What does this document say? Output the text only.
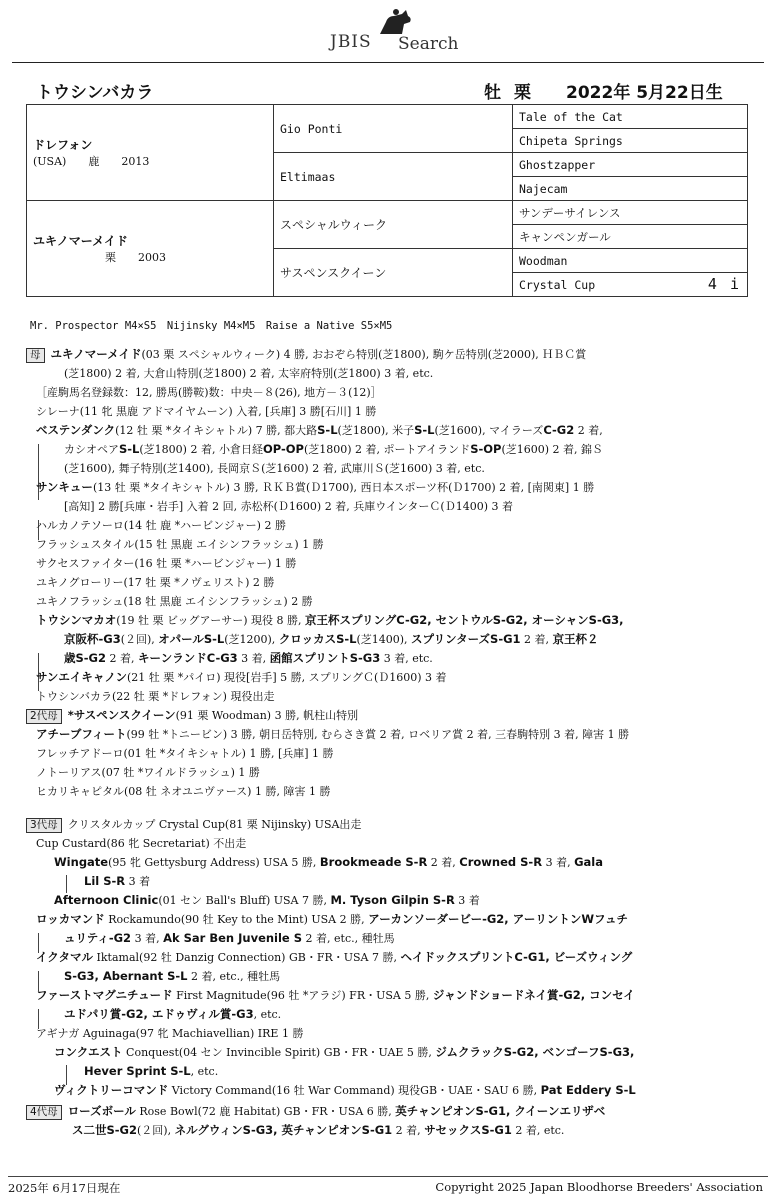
JBIS Search
トウシンバカラ	牡 栗 2022年 5月22日生
ドレフォン
(USA)　　鹿　　2013	Gio Ponti	Tale of the Cat
		Chipeta Springs
	Eltimaas	Ghostzapper
		Najecam

ユキノマーメイド
栗　　2003	スペシャルウィーク	サンデーサイレンス
		キャンペンガール
	サスペンスクイーン	Woodman
		Crystal Cup 4 i
Mr. Prospector M4×S5　Nijinsky M4×M5　Raise a Native S5×M5
母 ユキノマーメイド(03 栗 スペシャルウィーク) 4 勝, おおぞら特別(芝1800), 駒ケ岳特別(芝2000), ＨＢＣ賞
(芝1800) 2 着, 大倉山特別(芝1800) 2 着, 太宰府特別(芝1800) 3 着, etc.
［産駒馬名登録数：12, 勝馬(勝鞍)数：中央－８(26), 地方－３(12)］
シレーナ(11 牝 黒鹿 アドマイヤムーン) 入着, [兵庫] 3 勝[石川] 1 勝
ベステンダンク(12 牡 栗 *タイキシャトル) 7 勝, 都大路S-L(芝1800), 米子S-L(芝1600), マイラーズC-G2 2 着,
カシオペアS-L(芝1800) 2 着, 小倉日経OP-OP(芝1800) 2 着, ポートアイランドS-OP(芝1600) 2 着, 錦Ｓ
(芝1600), 舞子特別(芝1400), 長岡京Ｓ(芝1600) 2 着, 武庫川Ｓ(芝1600) 3 着, etc.
サンキュー(13 牡 栗 *タイキシャトル) 3 勝, ＲＫＢ賞(Ｄ1700), 西日本スポーツ杯(Ｄ1700) 2 着, [南関東] 1 勝
[高知] 2 勝[兵庫・岩手] 入着 2 回, 赤松杯(Ｄ1600) 2 着, 兵庫ウインターＣ(Ｄ1400) 3 着
ハルカノテソーロ(14 牡 鹿 *ハービンジャー) 2 勝
フラッシュスタイル(15 牡 黒鹿 エイシンフラッシュ) 1 勝
サクセスファイター(16 牡 栗 *ハービンジャー) 1 勝
ユキノグローリー(17 牡 栗 *ノヴェリスト) 2 勝
ユキノフラッシュ(18 牡 黒鹿 エイシンフラッシュ) 2 勝
トウシンマカオ(19 牡 栗 ビッグアーサー) 現役 8 勝, 京王杯スプリングC-G2, セントウルS-G2, オーシャンS-G3,
京阪杯-G3(２回), オパールS-L(芝1200), クロッカスS-L(芝1400), スプリンターズS-G1 2 着, 京王杯２
歳S-G2 2 着, キーンランドC-G3 3 着, 函館スプリントS-G3 3 着, etc.
サンエイキャノン(21 牡 栗 *パイロ) 現役[岩手] 5 勝, スプリングＣ(Ｄ1600) 3 着
トウシンバカラ(22 牡 栗 *ドレフォン) 現役出走
2代母 *サスペンスクイーン(91 栗 Woodman) 3 勝, 帆柱山特別
アチーブフィート(99 牡 *トニービン) 3 勝, 朝日岳特別, むらさき賞 2 着, ロベリア賞 2 着, 三春駒特別 3 着, 障害 1 勝
フレッチアドーロ(01 牡 *タイキシャトル) 1 勝, [兵庫] 1 勝
ノトーリアス(07 牡 *ワイルドラッシュ) 1 勝
ヒカリキャピタル(08 牡 ネオユニヴァース) 1 勝, 障害 1 勝
3代母 クリスタルカップ Crystal Cup(81 栗 Nijinsky) USA出走
Cup Custard(86 牝 Secretariat) 不出走
Wingate(95 牝 Gettysburg Address) USA 5 勝, Brookmeade S-R 2 着, Crowned S-R 3 着, Gala
Lil S-R 3 着
Afternoon Clinic(01 セン Ball's Bluff) USA 7 勝, M. Tyson Gilpin S-R 3 着
ロッカマンド Rockamundo(90 牡 Key to the Mint) USA 2 勝, アーカンソーダービー-G2, アーリントンWフュチ
ュリティ-G2 3 着, Ak Sar Ben Juvenile S 2 着, etc., 種牡馬
イクタマル Iktamal(92 牡 Danzig Connection) GB・FR・USA 7 勝, ヘイドックスプリントC-G1, ビーズウィング
S-G3, Abernant S-L 2 着, etc., 種牡馬
ファーストマグニチュード First Magnitude(96 牡 *アラジ) FR・USA 5 勝, ジャンドショードネイ賞-G2, コンセイ
ユドパリ賞-G2, エドゥヴィル賞-G3, etc.
アギナガ Aguinaga(97 牝 Machiavellian) IRE 1 勝
コンクエスト Conquest(04 セン Invincible Spirit) GB・FR・UAE 5 勝, ジムクラックS-G2, ベンゴーフS-G3,
Hever Sprint S-L, etc.
ヴィクトリーコマンド Victory Command(16 牡 War Command) 現役GB・UAE・SAU 6 勝, Pat Eddery S-L
4代母 ローズボール Rose Bowl(72 鹿 Habitat) GB・FR・USA 6 勝, 英チャンピオンS-G1, クイーンエリザベ
ス二世S-G2(２回), ネルグウィンS-G3, 英チャンピオンS-G1 2 着, サセックスS-G1 2 着, etc.
2025年 6月17日現在	Copyright 2025 Japan Bloodhorse Breeders' Association
